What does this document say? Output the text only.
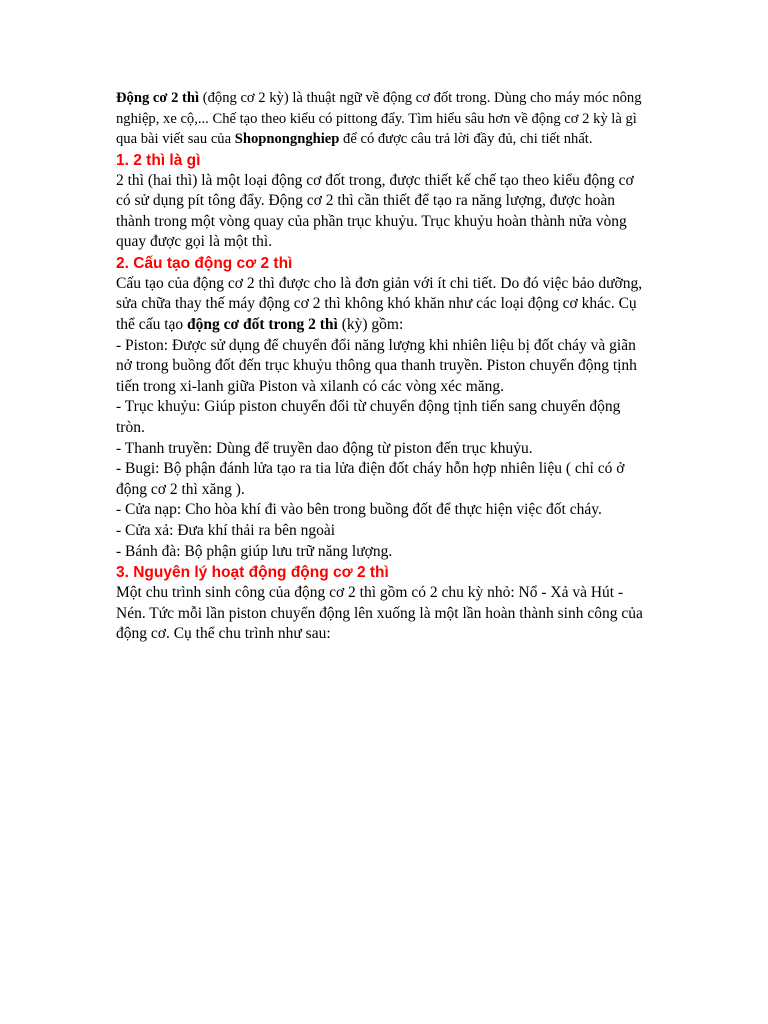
Động cơ 2 thì (động cơ 2 kỳ) là thuật ngữ về động cơ đốt trong. Dùng cho máy móc nông nghiệp, xe cộ,... Chế tạo theo kiểu có pittong đẩy. Tìm hiểu sâu hơn về động cơ 2 kỳ là gì qua bài viết sau của Shopnongnghiep để có được câu trả lời đầy đủ, chi tiết nhất.

1. 2 thì là gì

2 thì (hai thì) là một loại động cơ đốt trong, được thiết kế chế tạo theo kiểu động cơ có sử dụng pít tông đẩy. Động cơ 2 thì cần thiết để tạo ra năng lượng, được hoàn thành trong một vòng quay của phần trục khuỷu. Trục khuỷu hoàn thành nửa vòng quay được gọi là một thì.

2. Cấu tạo động cơ 2 thì

Cấu tạo của động cơ 2 thì được cho là đơn giản với ít chi tiết. Do đó việc bảo dưỡng, sửa chữa thay thế máy động cơ 2 thì không khó khăn như các loại động cơ khác. Cụ thể cấu tạo động cơ đốt trong 2 thì (kỳ) gồm:

- Piston: Được sử dụng để chuyển đổi năng lượng khi nhiên liệu bị đốt cháy và giãn nở trong buồng đốt đến trục khuỷu thông qua thanh truyền. Piston chuyển động tịnh tiến trong xi-lanh giữa Piston và xilanh có các vòng xéc măng.
- Trục khuỷu: Giúp piston chuyển đổi từ chuyển động tịnh tiến sang chuyển động tròn.
- Thanh truyền: Dùng để truyền dao động từ piston đến trục khuỷu.
- Bugi: Bộ phận đánh lửa tạo ra tia lửa điện đốt cháy hỗn hợp nhiên liệu ( chỉ có ở động cơ 2 thì xăng ).
- Cửa nạp: Cho hòa khí đi vào bên trong buồng đốt để thực hiện việc đốt cháy.
- Cửa xả: Đưa khí thải ra bên ngoài
- Bánh đà: Bộ phận giúp lưu trữ năng lượng.
3. Nguyên lý hoạt động động cơ 2 thì

Một chu trình sinh công của động cơ 2 thì gồm có 2 chu kỳ nhỏ: Nổ - Xả và Hút - Nén. Tức mỗi lần piston chuyển động lên xuống là một lần hoàn thành sinh công của động cơ. Cụ thể chu trình như sau:
